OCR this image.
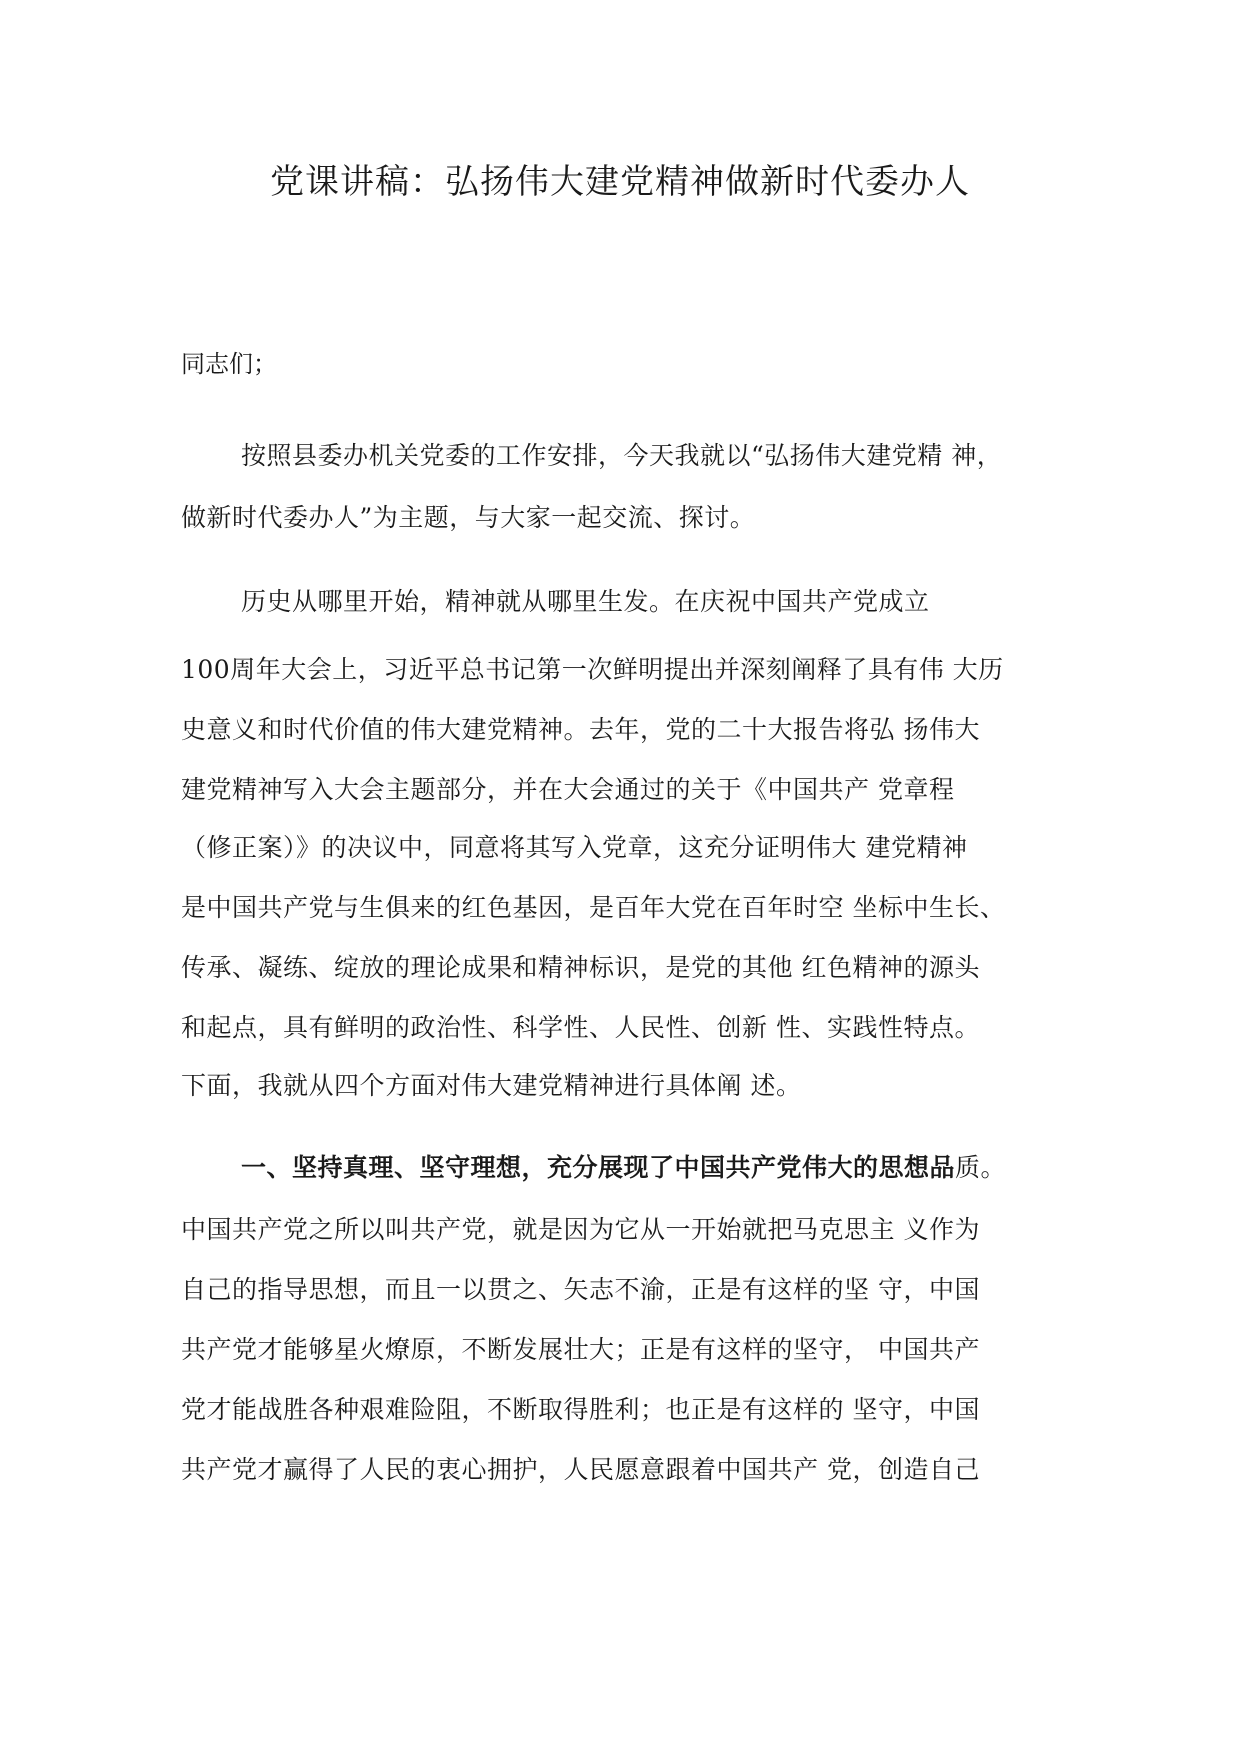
党课讲稿：弘扬伟大建党精神做新时代委办人
同志们；
按照县委办机关党委的工作安排，今天我就以“弘扬伟大建党精 神，
做新时代委办人”为主题，与大家一起交流、探讨。
历史从哪里开始，精神就从哪里生发。在庆祝中国共产党成立
100周年大会上，习近平总书记第一次鲜明提出并深刻阐释了具有伟 大历
史意义和时代价值的伟大建党精神。去年，党的二十大报告将弘 扬伟大
建党精神写入大会主题部分，并在大会通过的关于《中国共产 党章程
（修正案）》的决议中，同意将其写入党章，这充分证明伟大 建党精神
是中国共产党与生俱来的红色基因，是百年大党在百年时空 坐标中生长、
传承、凝练、绽放的理论成果和精神标识，是党的其他 红色精神的源头
和起点，具有鲜明的政治性、科学性、人民性、创新 性、实践性特点。
下面，我就从四个方面对伟大建党精神进行具体阐 述。
一、坚持真理、坚守理想，充分展现了中国共产党伟大的思想品质。
中国共产党之所以叫共产党，就是因为它从一开始就把马克思主 义作为
自己的指导思想，而且一以贯之、矢志不渝，正是有这样的坚 守，中国
共产党才能够星火燎原，不断发展壮大；正是有这样的坚守， 中国共产
党才能战胜各种艰难险阻，不断取得胜利；也正是有这样的 坚守，中国
共产党才赢得了人民的衷心拥护，人民愿意跟着中国共产 党，创造自己
